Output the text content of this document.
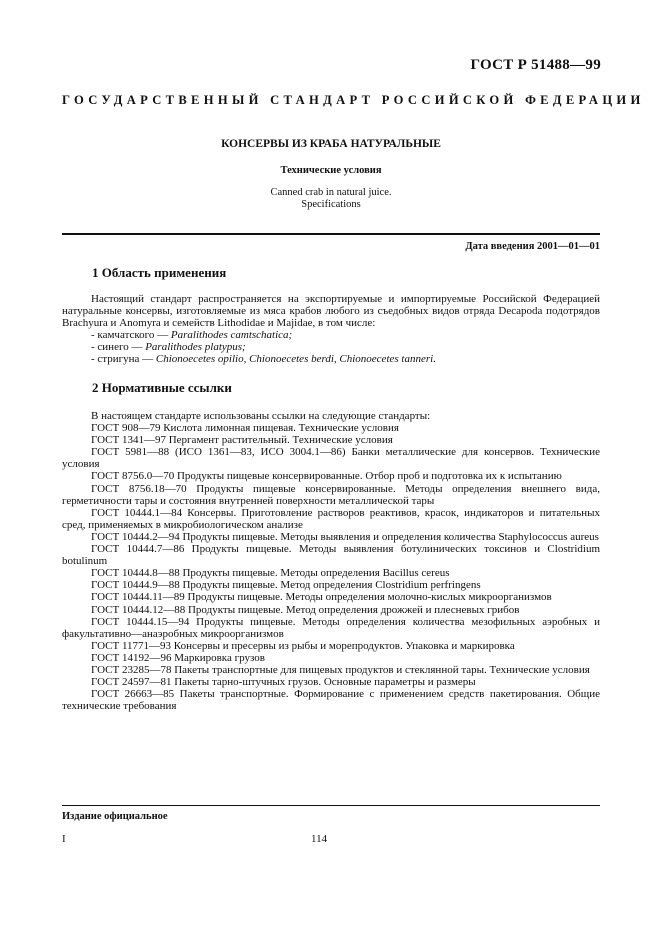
ГОСТ Р 51488—99
ГОСУДАРСТВЕННЫЙ СТАНДАРТ РОССИЙСКОЙ ФЕДЕРАЦИИ
КОНСЕРВЫ ИЗ КРАБА НАТУРАЛЬНЫЕ
Технические условия
Canned crab in natural juice.
Specifications
Дата введения 2001—01—01
1 Область применения

Настоящий стандарт распространяется на экспортируемые и импортируемые Российской Федерацией натуральные консервы, изготовляемые из мяса крабов любого из съедобных видов отряда Decapoda подотрядов Brachyura и Anomyra и семейств Lithodidae и Majidae, в том числе:

- камчатского — Paralithodes camtschatica;

- синего — Paralithodes platypus;

- стригуна — Chionoecetes opilio, Chionoecetes berdi, Chionoecetes tanneri.

2 Нормативные ссылки

В настоящем стандарте использованы ссылки на следующие стандарты:

ГОСТ 908—79 Кислота лимонная пищевая. Технические условия

ГОСТ 1341—97 Пергамент растительный. Технические условия

ГОСТ 5981—88 (ИСО 1361—83, ИСО 3004.1—86) Банки металлические для консервов. Технические условия

ГОСТ 8756.0—70 Продукты пищевые консервированные. Отбор проб и подготовка их к испытанию

ГОСТ 8756.18—70 Продукты пищевые консервированные. Методы определения внешнего вида, герметичности тары и состояния внутренней поверхности металлической тары

ГОСТ 10444.1—84 Консервы. Приготовление растворов реактивов, красок, индикаторов и питательных сред, применяемых в микробиологическом анализе

ГОСТ 10444.2—94 Продукты пищевые. Методы выявления и определения количества Staphylococcus aureus

ГОСТ 10444.7—86 Продукты пищевые. Методы выявления ботулинических токсинов и Clostridium botulinum

ГОСТ 10444.8—88 Продукты пищевые. Методы определения Bacillus cereus

ГОСТ 10444.9—88 Продукты пищевые. Метод определения Clostridium perfringens

ГОСТ 10444.11—89 Продукты пищевые. Методы определения молочно-кислых микроорганизмов

ГОСТ 10444.12—88 Продукты пищевые. Метод определения дрожжей и плесневых грибов

ГОСТ 10444.15—94 Продукты пищевые. Методы определения количества мезофильных аэробных и факультативно—анаэробных микроорганизмов

ГОСТ 11771—93 Консервы и пресервы из рыбы и морепродуктов. Упаковка и маркировка

ГОСТ 14192—96 Маркировка грузов

ГОСТ 23285—78 Пакеты транспортные для пищевых продуктов и стеклянной тары. Технические условия

ГОСТ 24597—81 Пакеты тарно-штучных грузов. Основные параметры и размеры

ГОСТ 26663—85 Пакеты транспортные. Формирование с применением средств пакетирования. Общие технические требования

Издание официальное
I	114
